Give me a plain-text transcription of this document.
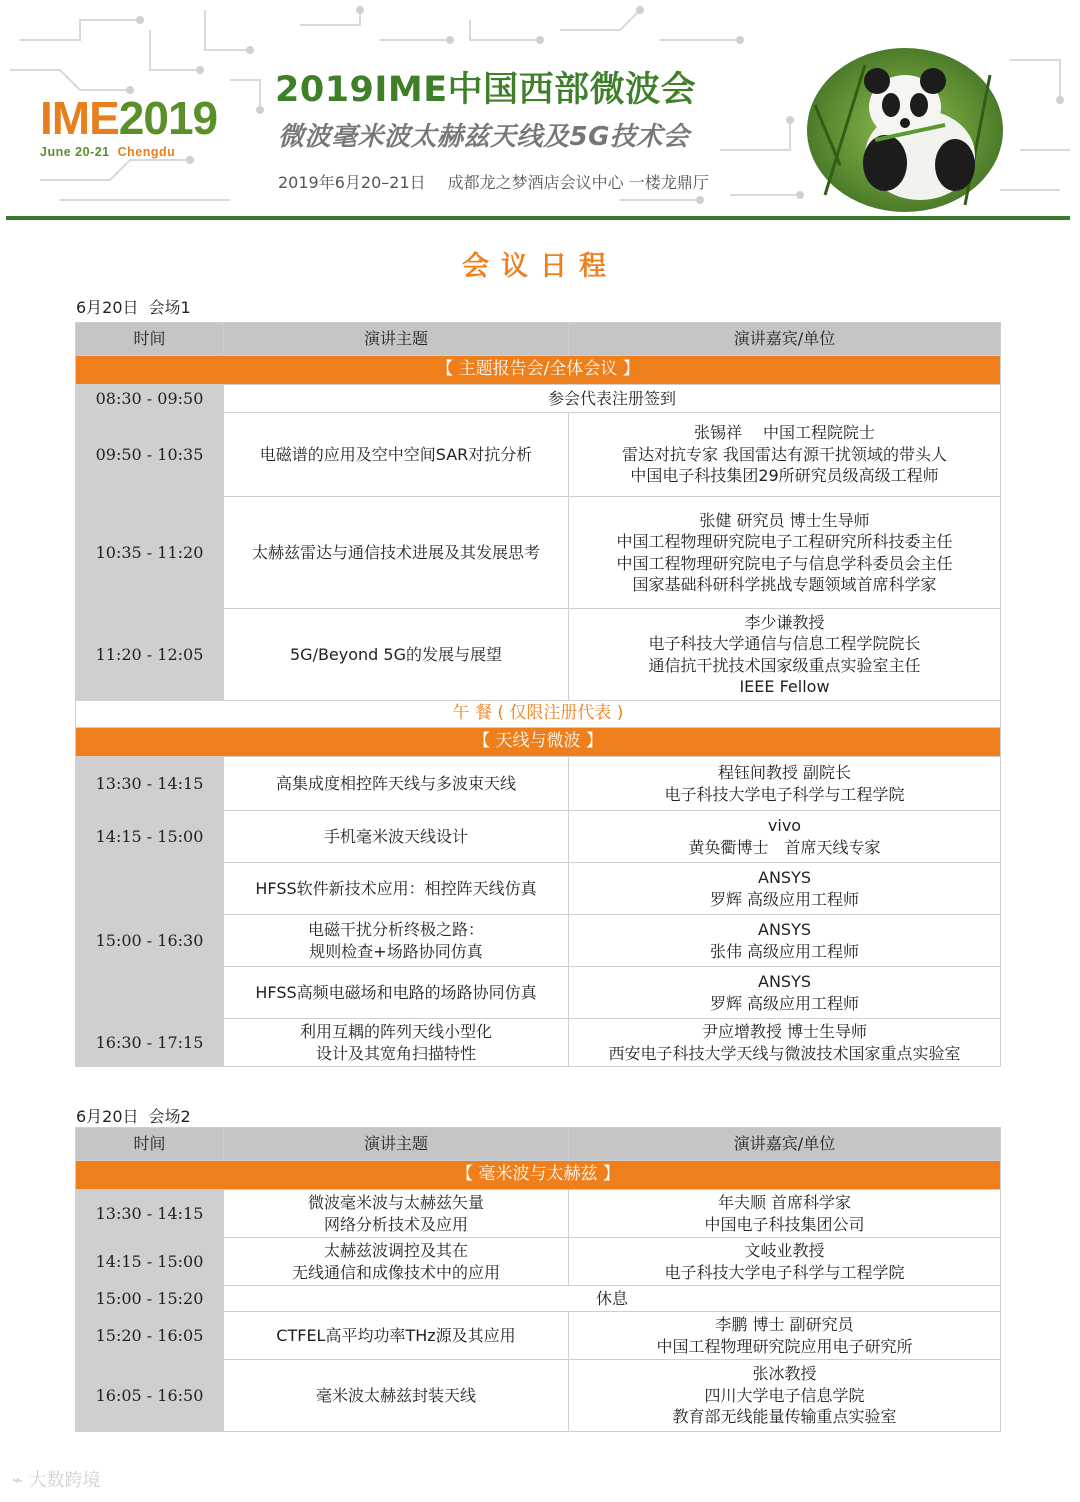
IME2019
June 20-21 Chengdu
2019IME中国西部微波会
微波毫米波太赫兹天线及5G技术会
2019年6月20–21日 成都龙之梦酒店会议中心 一楼龙鼎厅
会议日程
6月20日 会场1
时间	演讲主题	演讲嘉宾/单位
【 主题报告会/全体会议 】		
08:30 - 09:50	参会代表注册签到	

09:50 - 10:35	电磁谱的应用及空中空间SAR对抗分析	张锡祥　 中国工程院院士
雷达对抗专家 我国雷达有源干扰领域的带头人
中国电子科技集团29所研究员级高级工程师

10:35 - 11:20	太赫兹雷达与通信技术进展及其发展思考	张健 研究员 博士生导师
中国工程物理研究院电子工程研究所科技委主任
中国工程物理研究院电子与信息学科委员会主任
国家基础科研科学挑战专题领域首席科学家

11:20 - 12:05	5G/Beyond 5G的发展与展望	李少谦教授
电子科技大学通信与信息工程学院院长
通信抗干扰技术国家级重点实验室主任
IEEE Fellow

午 餐 ( 仅限注册代表 )		
【 天线与微波 】		
13:30 - 14:15	高集成度相控阵天线与多波束天线	程钰间教授 副院长
电子科技大学电子科学与工程学院

14:15 - 15:00	手机毫米波天线设计	vivo
黄奂衢博士　首席天线专家

15:00 - 16:30	HFSS软件新技术应用：相控阵天线仿真	ANSYS
罗辉 高级应用工程师

	电磁干扰分析终极之路：
规则检查+场路协同仿真	ANSYS
张伟 高级应用工程师

	HFSS高频电磁场和电路的场路协同仿真	ANSYS
罗辉 高级应用工程师

16:30 - 17:15	利用互耦的阵列天线小型化
设计及其宽角扫描特性	尹应增教授 博士生导师
西安电子科技大学天线与微波技术国家重点实验室
6月20日 会场2
时间	演讲主题	演讲嘉宾/单位
【 毫米波与太赫兹 】		
13:30 - 14:15	微波毫米波与太赫兹矢量
网络分析技术及应用	年夫顺 首席科学家
中国电子科技集团公司

14:15 - 15:00	太赫兹波调控及其在
无线通信和成像技术中的应用	文岐业教授
电子科技大学电子科学与工程学院

15:00 - 15:20	休息	
15:20 - 16:05	CTFEL高平均功率THz源及其应用	李鹏 博士 副研究员
中国工程物理研究院应用电子研究所

16:05 - 16:50	毫米波太赫兹封装天线	张冰教授
四川大学电子信息学院
教育部无线能量传输重点实验室
⌁ 大数跨境
